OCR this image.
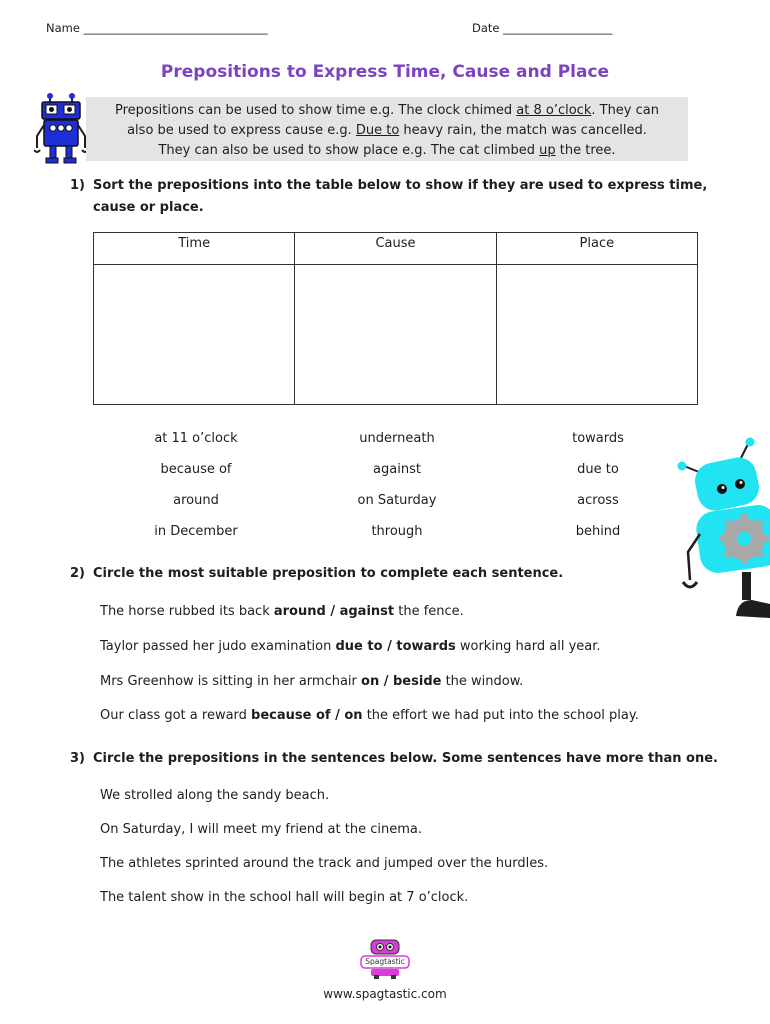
Name ________________________________	Date ___________________
Prepositions to Express Time, Cause and Place
Prepositions can be used to show time e.g. The clock chimed at 8 o’clock. They can
also be used to express cause e.g. Due to heavy rain, the match was cancelled.
They can also be used to show place e.g. The cat climbed up the tree.
1) Sort the prepositions into the table below to show if they are used to express time,
cause or place.
Time	Cause	Place

at 11 o’clock	underneath	towards
because of	against	due to
around	on Saturday	across
in December	through	behind
2) Circle the most suitable preposition to complete each sentence.
The horse rubbed its back around / against the fence.
Taylor passed her judo examination due to / towards working hard all year.
Mrs Greenhow is sitting in her armchair on / beside the window.
Our class got a reward because of / on the effort we had put into the school play.
3) Circle the prepositions in the sentences below. Some sentences have more than one.
We strolled along the sandy beach.
On Saturday, I will meet my friend at the cinema.
The athletes sprinted around the track and jumped over the hurdles.
The talent show in the school hall will begin at 7 o’clock.
Spagtastic
www.spagtastic.com
